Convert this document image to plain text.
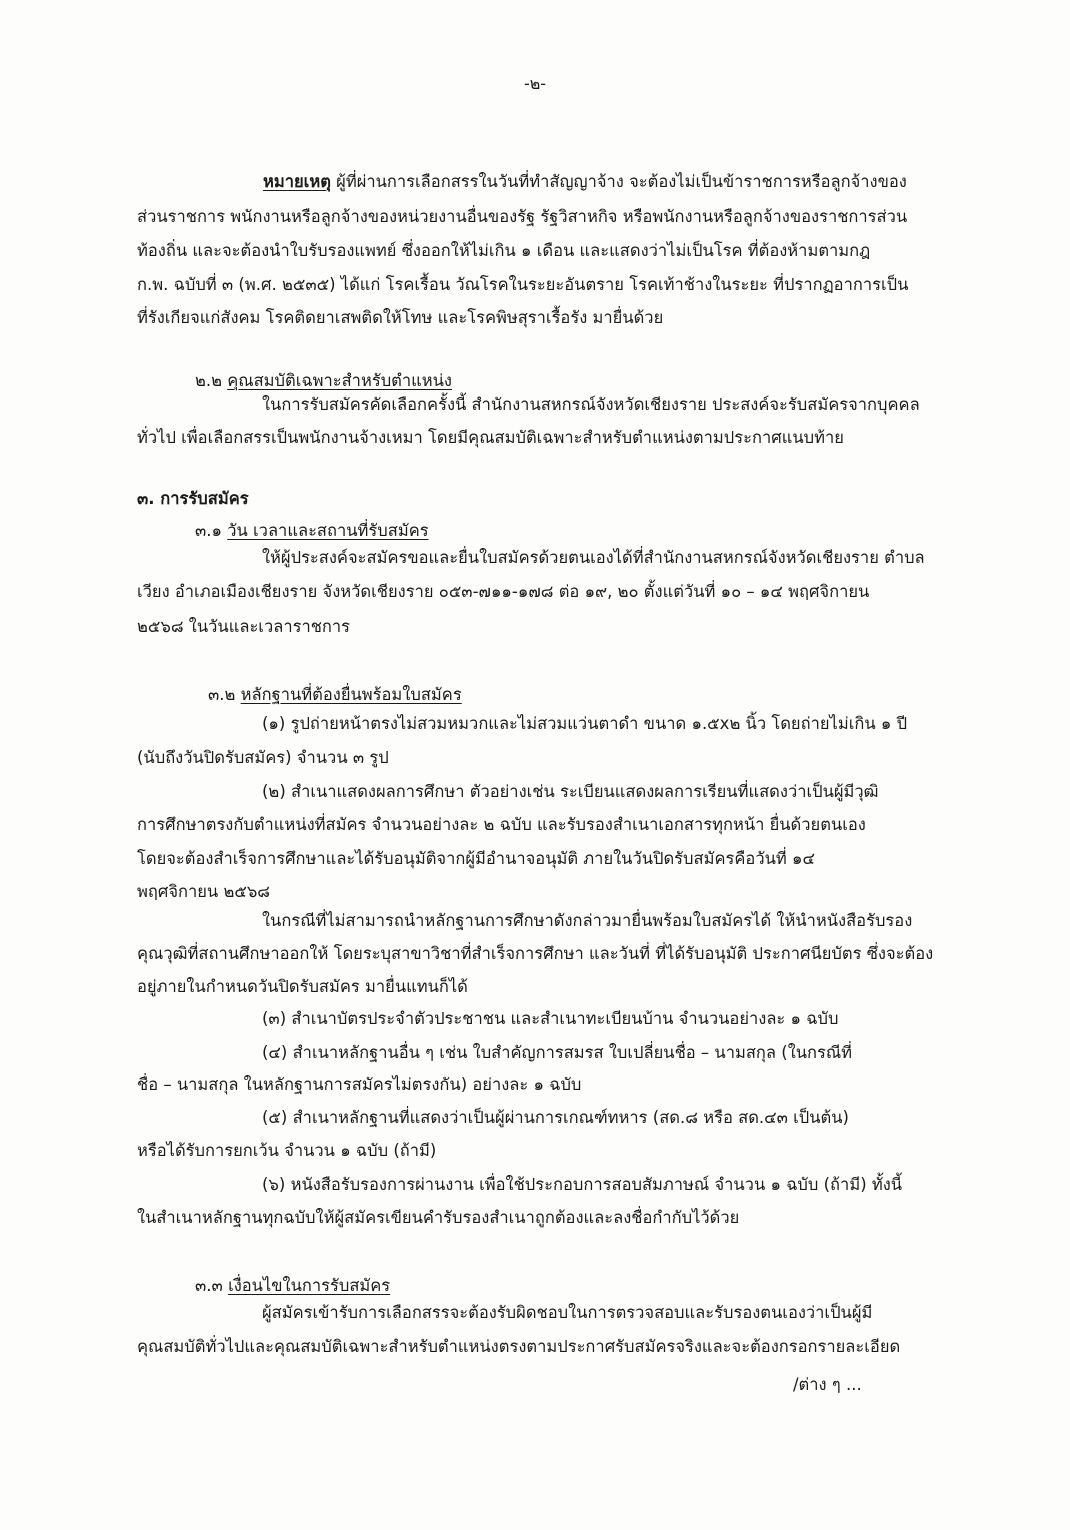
-๒-

หมายเหตุ ผู้ที่ผ่านการเลือกสรรในวันที่ทำสัญญาจ้าง จะต้องไม่เป็นข้าราชการหรือลูกจ้างของ

ส่วนราชการ พนักงานหรือลูกจ้างของหน่วยงานอื่นของรัฐ รัฐวิสาหกิจ หรือพนักงานหรือลูกจ้างของราชการส่วน

ท้องถิ่น และจะต้องนำใบรับรองแพทย์ ซึ่งออกให้ไม่เกิน ๑ เดือน และแสดงว่าไม่เป็นโรค ที่ต้องห้ามตามกฎ

ก.พ. ฉบับที่ ๓ (พ.ศ. ๒๕๓๕) ได้แก่ โรคเรื้อน วัณโรคในระยะอันตราย โรคเท้าช้างในระยะ ที่ปรากฏอาการเป็น

ที่รังเกียจแก่สังคม โรคติดยาเสพติดให้โทษ และโรคพิษสุราเรื้อรัง มายื่นด้วย

๒.๒ คุณสมบัติเฉพาะสำหรับตำแหน่ง

ในการรับสมัครคัดเลือกครั้งนี้ สำนักงานสหกรณ์จังหวัดเชียงราย ประสงค์จะรับสมัครจากบุคคล

ทั่วไป เพื่อเลือกสรรเป็นพนักงานจ้างเหมา โดยมีคุณสมบัติเฉพาะสำหรับตำแหน่งตามประกาศแนบท้าย

๓. การรับสมัคร

๓.๑ วัน เวลาและสถานที่รับสมัคร

ให้ผู้ประสงค์จะสมัครขอและยื่นใบสมัครด้วยตนเองได้ที่สำนักงานสหกรณ์จังหวัดเชียงราย ตำบล

เวียง อำเภอเมืองเชียงราย จังหวัดเชียงราย ๐๕๓-๗๑๑-๑๗๘ ต่อ ๑๙, ๒๐ ตั้งแต่วันที่ ๑๐ – ๑๔ พฤศจิกายน

๒๕๖๘ ในวันและเวลาราชการ

๓.๒ หลักฐานที่ต้องยื่นพร้อมใบสมัคร

(๑) รูปถ่ายหน้าตรงไม่สวมหมวกและไม่สวมแว่นตาดำ ขนาด ๑.๕x๒ นิ้ว โดยถ่ายไม่เกิน ๑ ปี

(นับถึงวันปิดรับสมัคร) จำนวน ๓ รูป

(๒) สำเนาแสดงผลการศึกษา ตัวอย่างเช่น ระเบียนแสดงผลการเรียนที่แสดงว่าเป็นผู้มีวุฒิ

การศึกษาตรงกับตำแหน่งที่สมัคร จำนวนอย่างละ ๒ ฉบับ และรับรองสำเนาเอกสารทุกหน้า ยื่นด้วยตนเอง

โดยจะต้องสำเร็จการศึกษาและได้รับอนุมัติจากผู้มีอำนาจอนุมัติ ภายในวันปิดรับสมัครคือวันที่ ๑๔

พฤศจิกายน ๒๕๖๘

ในกรณีที่ไม่สามารถนำหลักฐานการศึกษาดังกล่าวมายื่นพร้อมใบสมัครได้ ให้นำหนังสือรับรอง

คุณวุฒิที่สถานศึกษาออกให้ โดยระบุสาขาวิชาที่สำเร็จการศึกษา และวันที่ ที่ได้รับอนุมัติ ประกาศนียบัตร ซึ่งจะต้อง

อยู่ภายในกำหนดวันปิดรับสมัคร มายื่นแทนก็ได้

(๓) สำเนาบัตรประจำตัวประชาชน และสำเนาทะเบียนบ้าน จำนวนอย่างละ ๑ ฉบับ

(๔) สำเนาหลักฐานอื่น ๆ เช่น ใบสำคัญการสมรส ใบเปลี่ยนชื่อ – นามสกุล (ในกรณีที่

ชื่อ – นามสกุล ในหลักฐานการสมัครไม่ตรงกัน) อย่างละ ๑ ฉบับ

(๕) สำเนาหลักฐานที่แสดงว่าเป็นผู้ผ่านการเกณฑ์ทหาร (สด.๘ หรือ สด.๔๓ เป็นต้น)

หรือได้รับการยกเว้น จำนวน ๑ ฉบับ (ถ้ามี)

(๖) หนังสือรับรองการผ่านงาน เพื่อใช้ประกอบการสอบสัมภาษณ์ จำนวน ๑ ฉบับ (ถ้ามี) ทั้งนี้

ในสำเนาหลักฐานทุกฉบับให้ผู้สมัครเขียนคำรับรองสำเนาถูกต้องและลงชื่อกำกับไว้ด้วย

๓.๓ เงื่อนไขในการรับสมัคร

ผู้สมัครเข้ารับการเลือกสรรจะต้องรับผิดชอบในการตรวจสอบและรับรองตนเองว่าเป็นผู้มี

คุณสมบัติทั่วไปและคุณสมบัติเฉพาะสำหรับตำแหน่งตรงตามประกาศรับสมัครจริงและจะต้องกรอกรายละเอียด

/ต่าง ๆ ...
